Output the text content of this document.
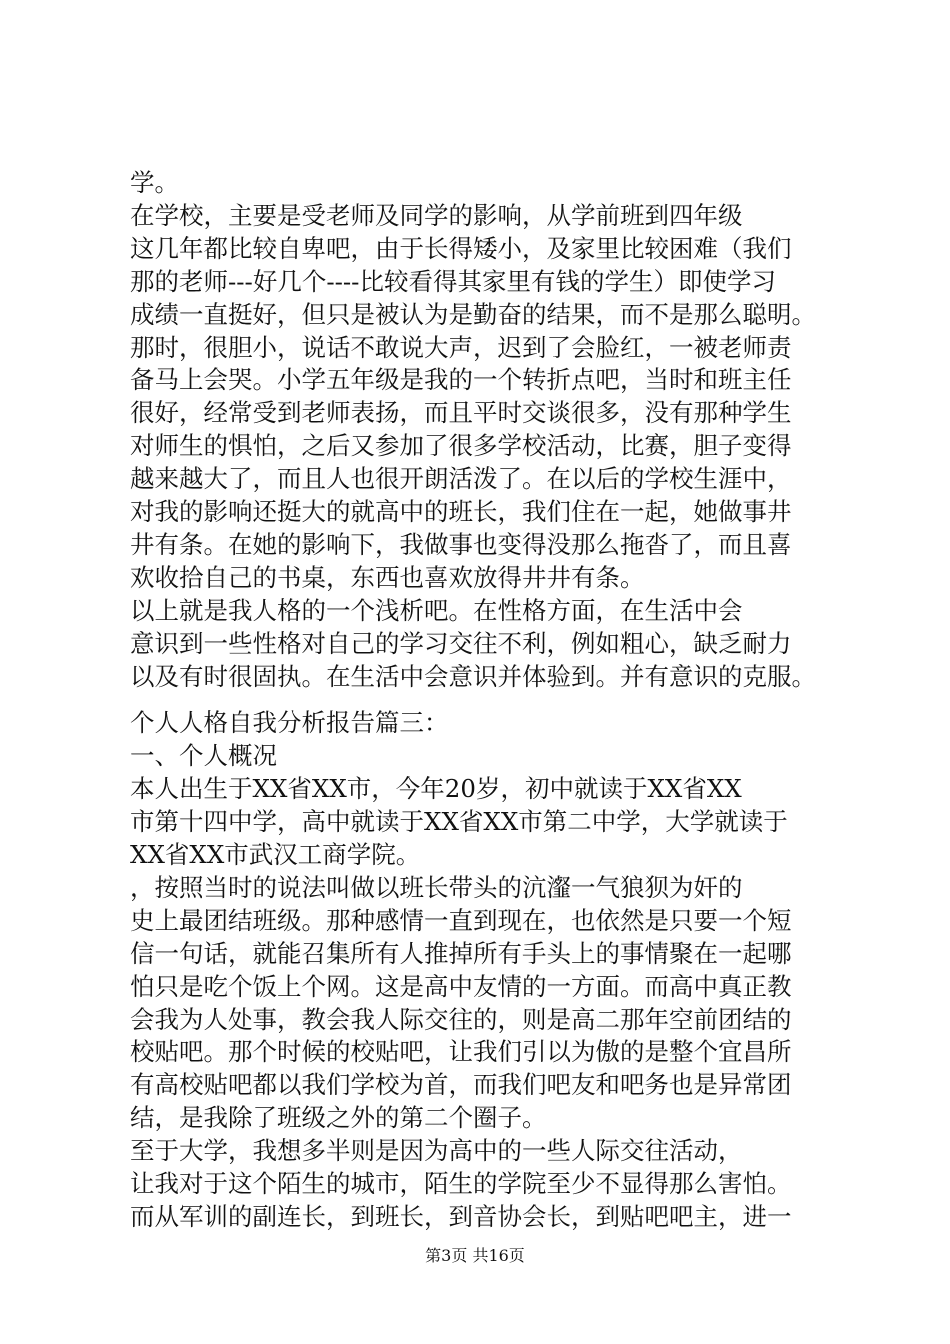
学。
在学校，主要是受老师及同学的影响，从学前班到四年级
这几年都比较自卑吧，由于长得矮小，及家里比较困难（我们
那的老师---好几个----比较看得其家里有钱的学生）即使学习
成绩一直挺好，但只是被认为是勤奋的结果，而不是那么聪明。
那时，很胆小，说话不敢说大声，迟到了会脸红，一被老师责
备马上会哭。小学五年级是我的一个转折点吧，当时和班主任
很好，经常受到老师表扬，而且平时交谈很多，没有那种学生
对师生的惧怕，之后又参加了很多学校活动，比赛，胆子变得
越来越大了，而且人也很开朗活泼了。在以后的学校生涯中，
对我的影响还挺大的就高中的班长，我们住在一起，她做事井
井有条。在她的影响下，我做事也变得没那么拖沓了，而且喜
欢收拾自己的书桌，东西也喜欢放得井井有条。
以上就是我人格的一个浅析吧。在性格方面，在生活中会
意识到一些性格对自己的学习交往不利，例如粗心，缺乏耐力
以及有时很固执。在生活中会意识并体验到。并有意识的克服。
个人人格自我分析报告篇三：
一、个人概况
本人出生于XX省XX市，今年20岁，初中就读于XX省XX
市第十四中学，高中就读于XX省XX市第二中学，大学就读于
XX省XX市武汉工商学院。
，按照当时的说法叫做以班长带头的沆瀣一气狼狈为奸的
史上最团结班级。那种感情一直到现在，也依然是只要一个短
信一句话，就能召集所有人推掉所有手头上的事情聚在一起哪
怕只是吃个饭上个网。这是高中友情的一方面。而高中真正教
会我为人处事，教会我人际交往的，则是高二那年空前团结的
校贴吧。那个时候的校贴吧，让我们引以为傲的是整个宜昌所
有高校贴吧都以我们学校为首，而我们吧友和吧务也是异常团
结，是我除了班级之外的第二个圈子。
至于大学，我想多半则是因为高中的一些人际交往活动，
让我对于这个陌生的城市，陌生的学院至少不显得那么害怕。
而从军训的副连长，到班长，到音协会长，到贴吧吧主，进一
第3页 共16页
